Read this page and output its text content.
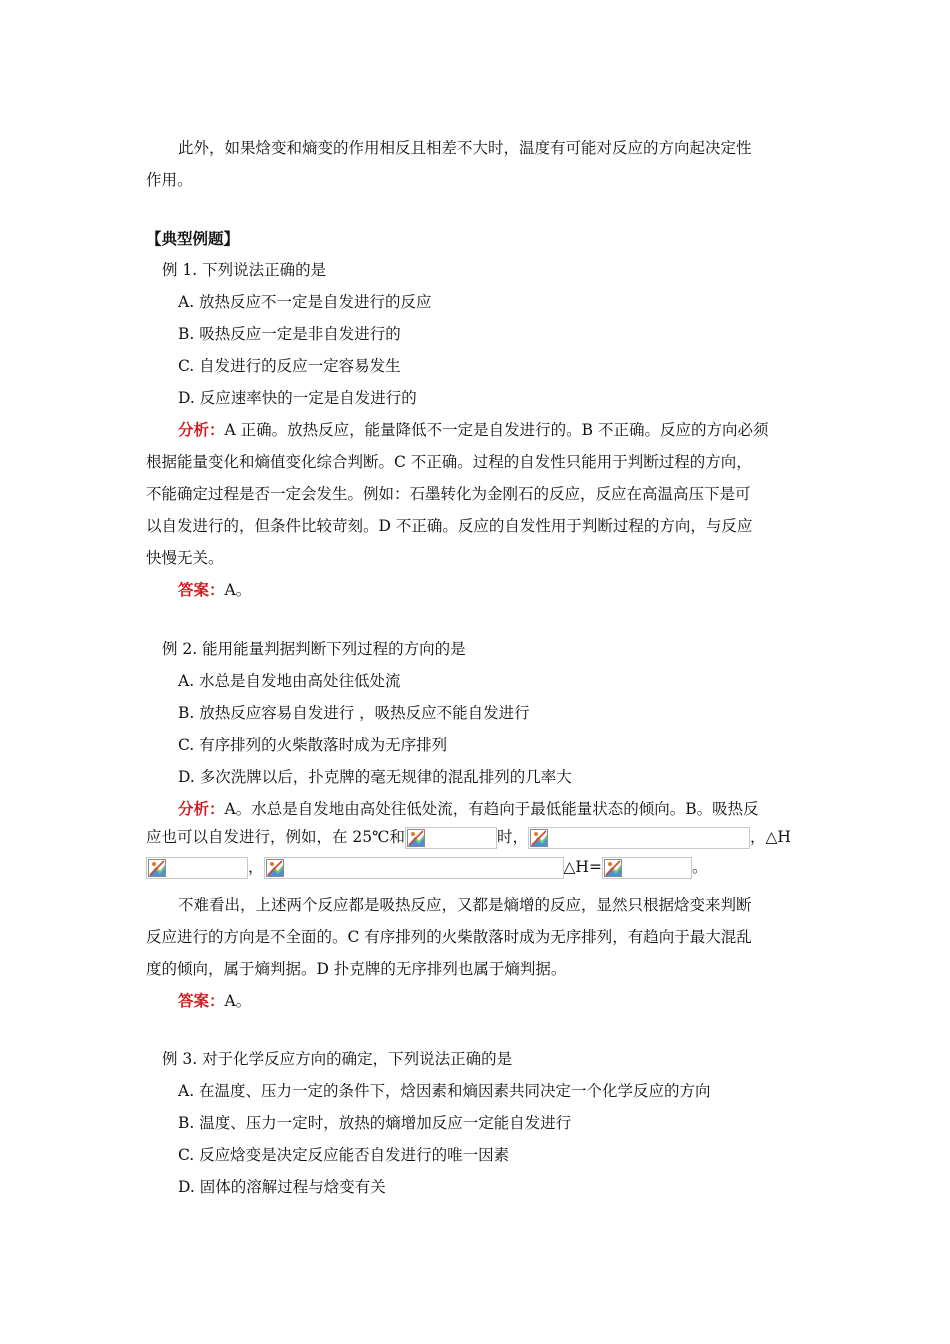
此外，如果焓变和熵变的作用相反且相差不大时，温度有可能对反应的方向起决定性
作用。
【典型例题】
例 1. 下列说法正确的是
A. 放热反应不一定是自发进行的反应
B. 吸热反应一定是非自发进行的
C. 自发进行的反应一定容易发生
D. 反应速率快的一定是自发进行的
分析：A 正确。放热反应，能量降低不一定是自发进行的。B 不正确。反应的方向必须
根据能量变化和熵值变化综合判断。C 不正确。过程的自发性只能用于判断过程的方向，
不能确定过程是否一定会发生。例如：石墨转化为金刚石的反应，反应在高温高压下是可
以自发进行的，但条件比较苛刻。D 不正确。反应的自发性用于判断过程的方向，与反应
快慢无关。
答案：A。
例 2. 能用能量判据判断下列过程的方向的是
A. 水总是自发地由高处往低处流
B. 放热反应容易自发进行 ，吸热反应不能自发进行
C. 有序排列的火柴散落时成为无序排列
D. 多次洗牌以后，扑克牌的毫无规律的混乱排列的几率大
分析：A。水总是自发地由高处往低处流，有趋向于最低能量状态的倾向。B。吸热反
应也可以自发进行，例如，在 25℃和	时，	，△H
，	△H=	。
不难看出，上述两个反应都是吸热反应，又都是熵增的反应，显然只根据焓变来判断
反应进行的方向是不全面的。C 有序排列的火柴散落时成为无序排列，有趋向于最大混乱
度的倾向，属于熵判据。D 扑克牌的无序排列也属于熵判据。
答案：A。
例 3. 对于化学反应方向的确定，下列说法正确的是
A. 在温度、压力一定的条件下，焓因素和熵因素共同决定一个化学反应的方向
B. 温度、压力一定时，放热的熵增加反应一定能自发进行
C. 反应焓变是决定反应能否自发进行的唯一因素
D. 固体的溶解过程与焓变有关
